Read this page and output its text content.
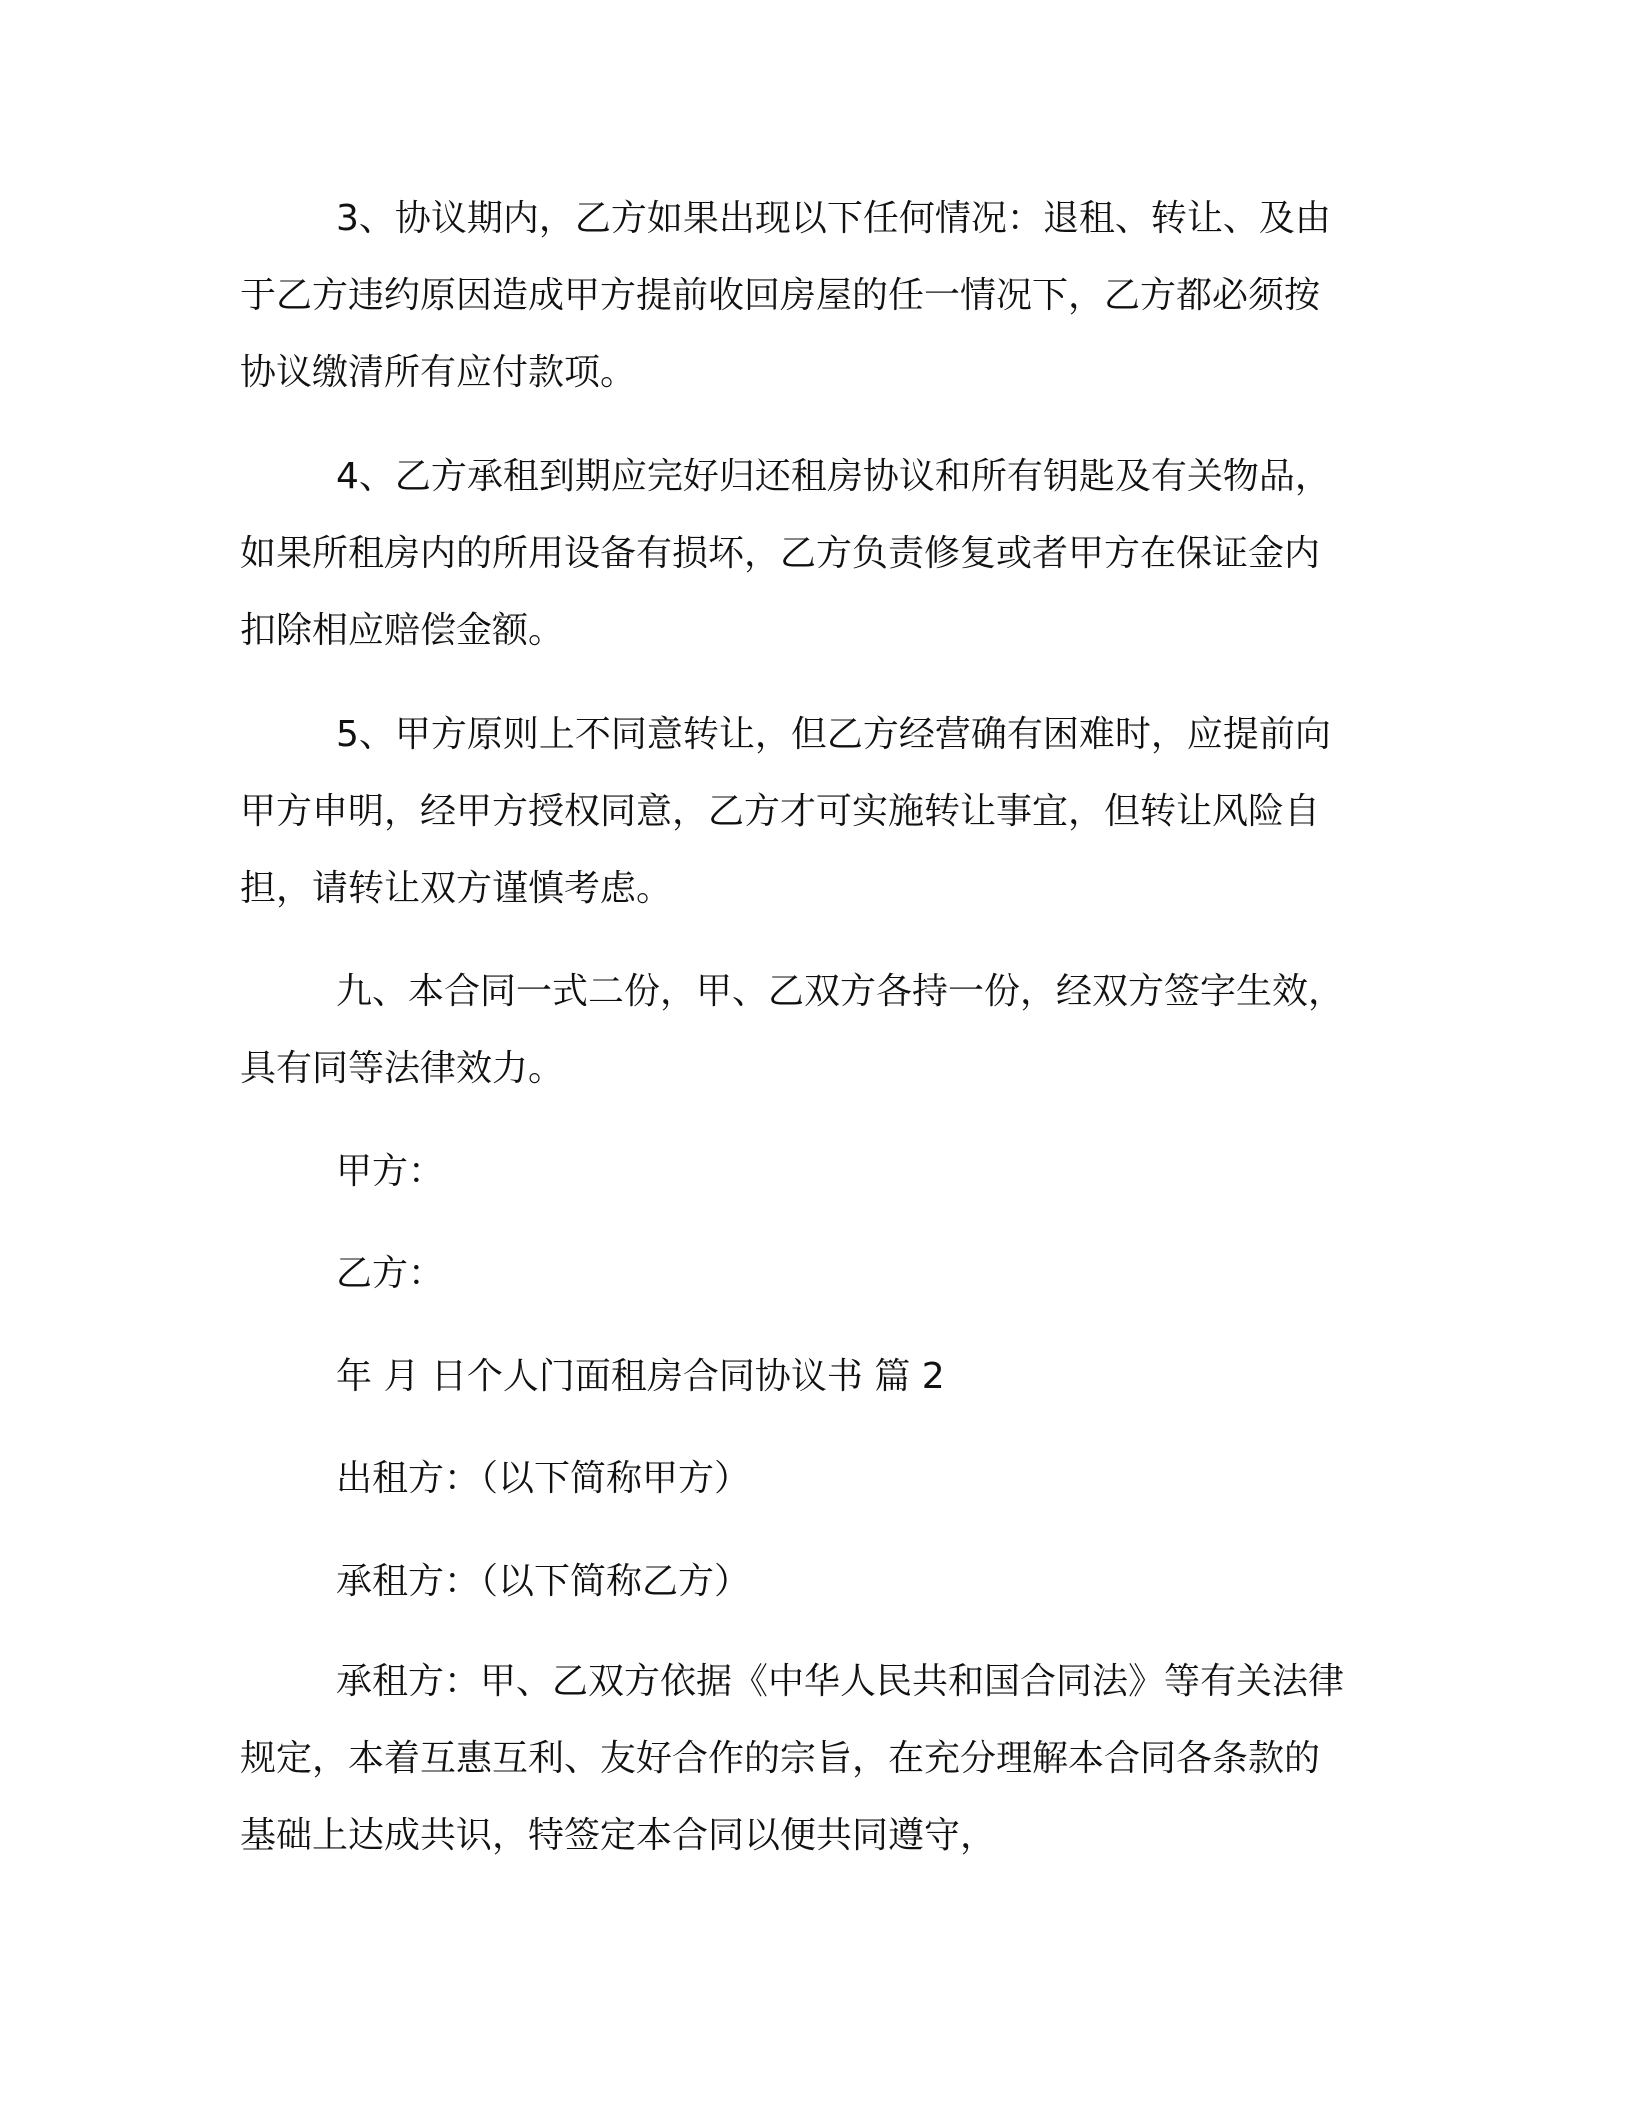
3、协议期内，乙方如果出现以下任何情况：退租、转让、及由
于乙方违约原因造成甲方提前收回房屋的任一情况下，乙方都必须按
协议缴清所有应付款项。
4、乙方承租到期应完好归还租房协议和所有钥匙及有关物品，
如果所租房内的所用设备有损坏，乙方负责修复或者甲方在保证金内
扣除相应赔偿金额。
5、甲方原则上不同意转让，但乙方经营确有困难时，应提前向
甲方申明，经甲方授权同意，乙方才可实施转让事宜，但转让风险自
担，请转让双方谨慎考虑。
九、本合同一式二份，甲、乙双方各持一份，经双方签字生效，
具有同等法律效力。
甲方：
乙方：
年 月 日个人门面租房合同协议书 篇 2
出租方：（以下简称甲方）
承租方：（以下简称乙方）
承租方：甲、乙双方依据《中华人民共和国合同法》等有关法律
规定，本着互惠互利、友好合作的宗旨，在充分理解本合同各条款的
基础上达成共识，特签定本合同以便共同遵守，
